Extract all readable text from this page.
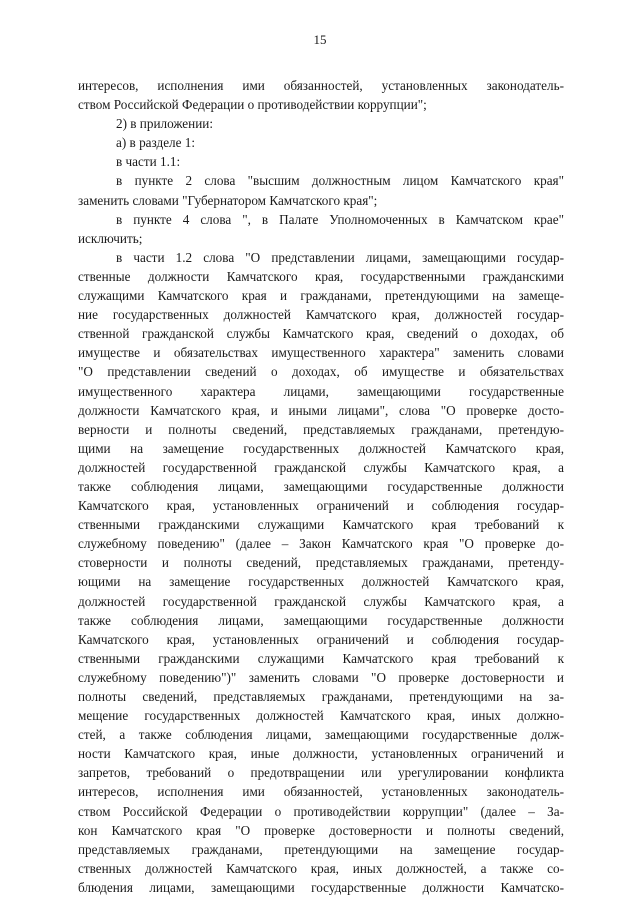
15
интересов, исполнения ими обязанностей, установленных законодатель-
ством Российской Федерации о противодействии коррупции";
2) в приложении:
а) в разделе 1:
в части 1.1:
в пункте 2 слова "высшим должностным лицом Камчатского края"
заменить словами "Губернатором Камчатского края";
в пункте 4 слова ", в Палате Уполномоченных в Камчатском крае"
исключить;
в части 1.2 слова "О представлении лицами, замещающими государ-
ственные должности Камчатского края, государственными гражданскими
служащими Камчатского края и гражданами, претендующими на замеще-
ние государственных должностей Камчатского края, должностей государ-
ственной гражданской службы Камчатского края, сведений о доходах, об
имуществе и обязательствах имущественного характера" заменить словами
"О представлении сведений о доходах, об имуществе и обязательствах
имущественного характера лицами, замещающими государственные
должности Камчатского края, и иными лицами", слова "О проверке досто-
верности и полноты сведений, представляемых гражданами, претендую-
щими на замещение государственных должностей Камчатского края,
должностей государственной гражданской службы Камчатского края, а
также соблюдения лицами, замещающими государственные должности
Камчатского края, установленных ограничений и соблюдения государ-
ственными гражданскими служащими Камчатского края требований к
служебному поведению" (далее – Закон Камчатского края "О проверке до-
стоверности и полноты сведений, представляемых гражданами, претенду-
ющими на замещение государственных должностей Камчатского края,
должностей государственной гражданской службы Камчатского края, а
также соблюдения лицами, замещающими государственные должности
Камчатского края, установленных ограничений и соблюдения государ-
ственными гражданскими служащими Камчатского края требований к
служебному поведению")" заменить словами "О проверке достоверности и
полноты сведений, представляемых гражданами, претендующими на за-
мещение государственных должностей Камчатского края, иных должно-
стей, а также соблюдения лицами, замещающими государственные долж-
ности Камчатского края, иные должности, установленных ограничений и
запретов, требований о предотвращении или урегулировании конфликта
интересов, исполнения ими обязанностей, установленных законодатель-
ством Российской Федерации о противодействии коррупции" (далее – За-
кон Камчатского края "О проверке достоверности и полноты сведений,
представляемых гражданами, претендующими на замещение государ-
ственных должностей Камчатского края, иных должностей, а также со-
блюдения лицами, замещающими государственные должности Камчатско-
